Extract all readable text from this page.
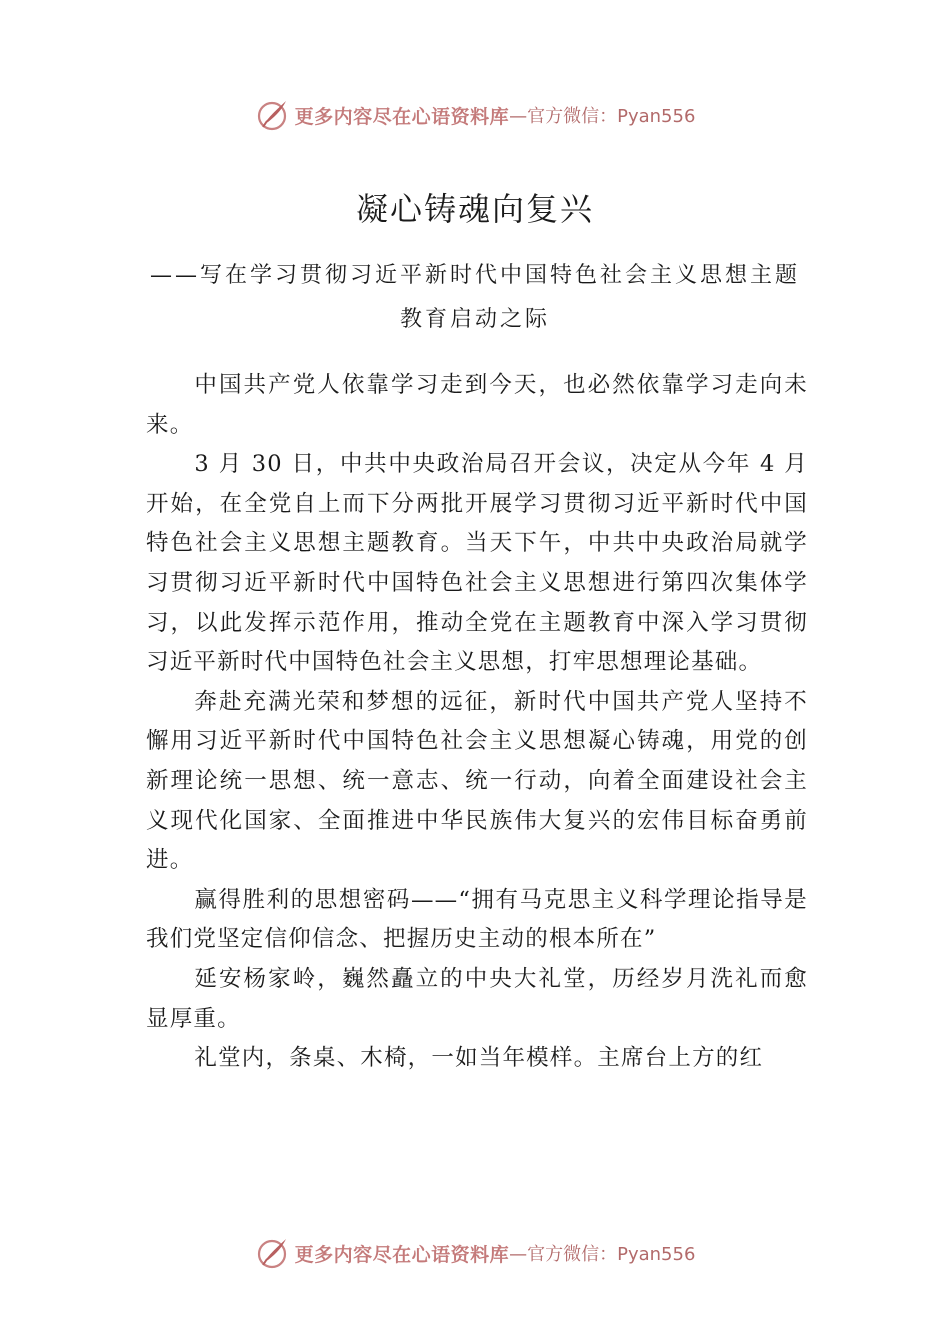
更多内容尽在心语资料库 —官方微信：Pyan556
凝心铸魂向复兴
——写在学习贯彻习近平新时代中国特色社会主义思想主题教育启动之际

中国共产党人依靠学习走到今天，也必然依靠学习走向未来。

3 月 30 日，中共中央政治局召开会议，决定从今年 4 月开始，在全党自上而下分两批开展学习贯彻习近平新时代中国特色社会主义思想主题教育。当天下午，中共中央政治局就学习贯彻习近平新时代中国特色社会主义思想进行第四次集体学习，以此发挥示范作用，推动全党在主题教育中深入学习贯彻习近平新时代中国特色社会主义思想，打牢思想理论基础。

奔赴充满光荣和梦想的远征，新时代中国共产党人坚持不懈用习近平新时代中国特色社会主义思想凝心铸魂，用党的创新理论统一思想、统一意志、统一行动，向着全面建设社会主义现代化国家、全面推进中华民族伟大复兴的宏伟目标奋勇前进。

赢得胜利的思想密码——“拥有马克思主义科学理论指导是我们党坚定信仰信念、把握历史主动的根本所在”

延安杨家岭，巍然矗立的中央大礼堂，历经岁月洗礼而愈显厚重。

礼堂内，条桌、木椅，一如当年模样。主席台上方的红

更多内容尽在心语资料库 —官方微信：Pyan556
